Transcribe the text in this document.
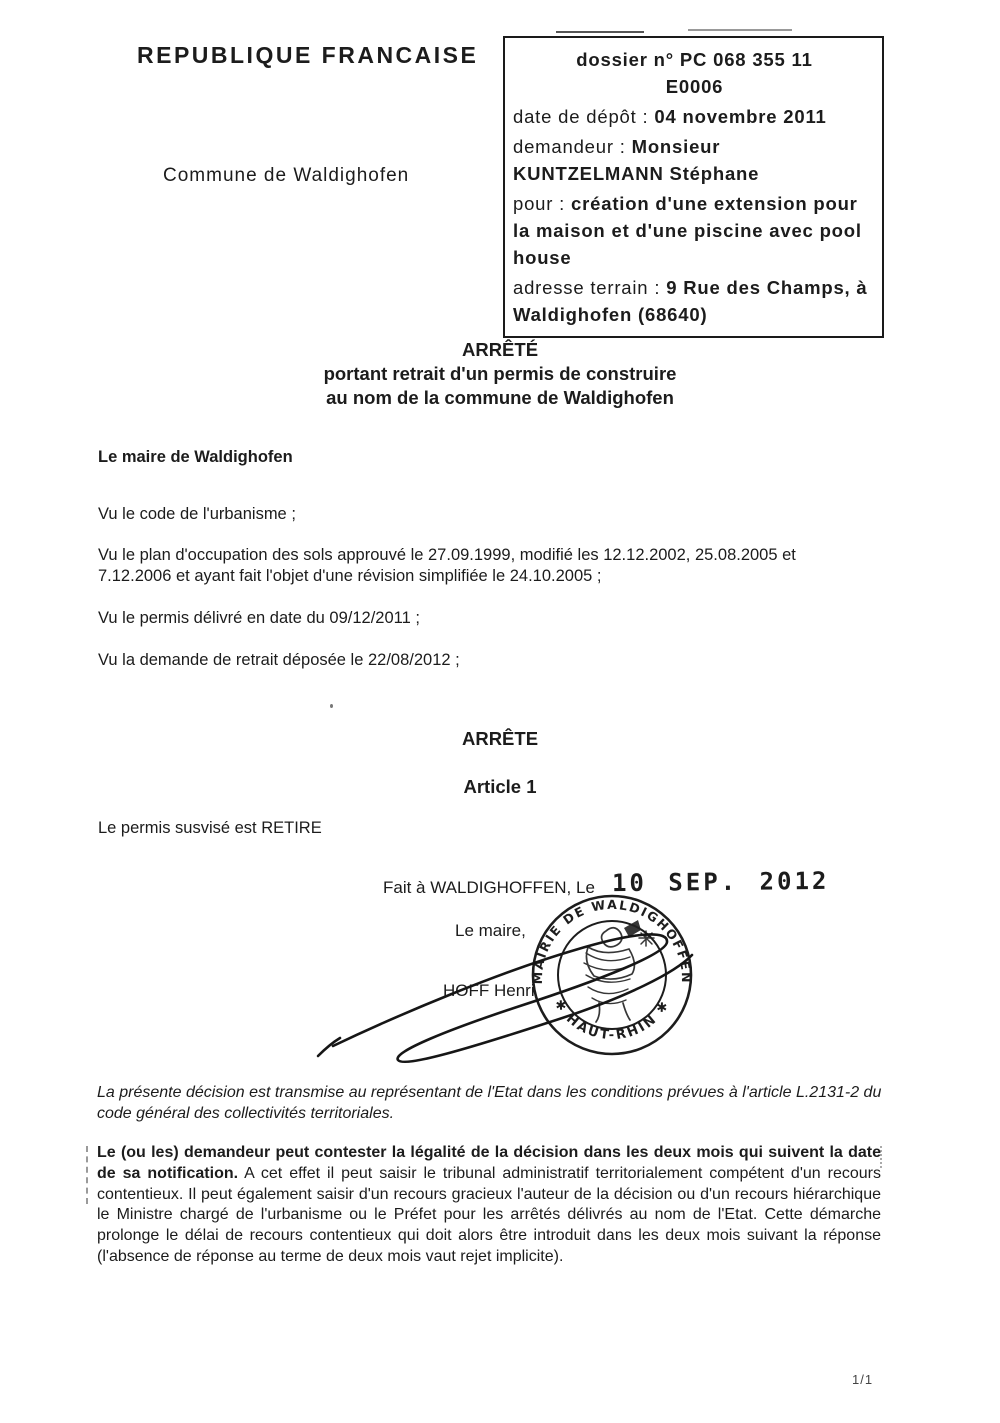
REPUBLIQUE FRANCAISE
Commune de Waldighofen
dossier n° PC 068 355 11
E0006
date de dépôt : 04 novembre 2011
demandeur : Monsieur KUNTZELMANN Stéphane
pour : création d'une extension pour la maison et d'une piscine avec pool house
adresse terrain : 9 Rue des Champs, à Waldighofen (68640)
ARRÊTÉ
portant retrait d'un permis de construire
au nom de la commune de Waldighofen
Le maire de Waldighofen
Vu le code de l'urbanisme ;
Vu le plan d'occupation des sols approuvé le 27.09.1999, modifié les 12.12.2002, 25.08.2005 et 7.12.2006 et ayant fait l'objet d'une révision simplifiée le 24.10.2005 ;
Vu le permis délivré en date du 09/12/2011 ;
Vu la demande de retrait déposée le 22/08/2012 ;
ARRÊTE
Article 1
Le permis susvisé est RETIRE
Fait à WALDIGHOFFEN, Le 10 SEP. 2012
Le maire,
HOFF Henri
MAIRIE DE WALDIGHOFFEN
✱ HAUT-RHIN ✱
La présente décision est transmise au représentant de l'Etat dans les conditions prévues à l'article L.2131-2 du code général des collectivités territoriales.
Le (ou les) demandeur peut contester la légalité de la décision dans les deux mois qui suivent la date de sa notification. A cet effet il peut saisir le tribunal administratif territorialement compétent d'un recours contentieux. Il peut également saisir d'un recours gracieux l'auteur de la décision ou d'un recours hiérarchique le Ministre chargé de l'urbanisme ou le Préfet pour les arrêtés délivrés au nom de l'Etat. Cette démarche prolonge le délai de recours contentieux qui doit alors être introduit dans les deux mois suivant la réponse (l'absence de réponse au terme de deux mois vaut rejet implicite).
1/1
